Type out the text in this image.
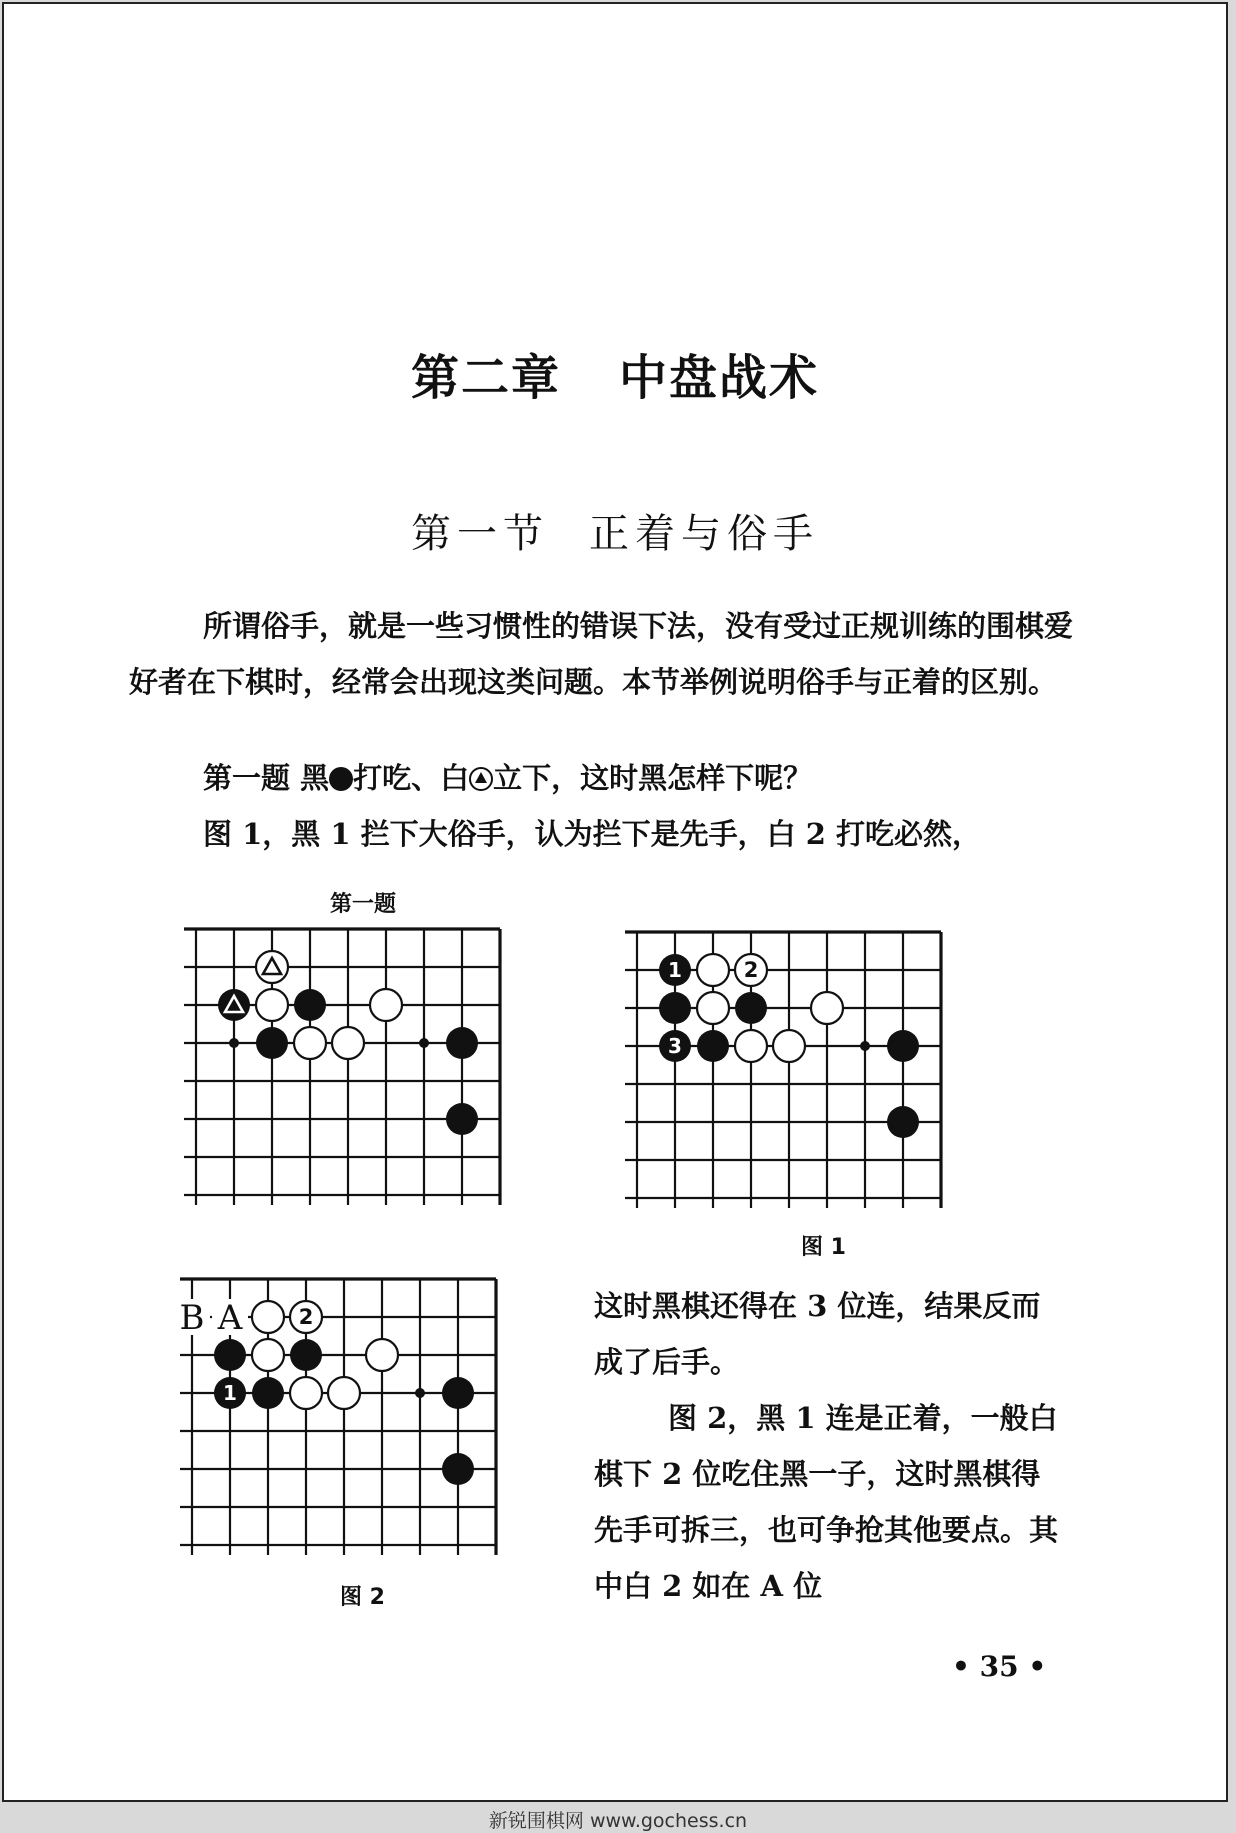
第二章 中盘战术
第一节 正着与俗手

所谓俗手，就是一些习惯性的错误下法，没有受过正规训练的围棋爱好者在下棋时，经常会出现这类问题。本节举例说明俗手与正着的区别。

第一题 黑 打吃、白 立下，这时黑怎样下呢？

图 1，黑 1 拦下大俗手，认为拦下是先手，白 2 打吃必然，

第一题
1	2
3
图 1
1
2
B A
图 2

这时黑棋还得在 3 位连，结果反而成了后手。

图 2，黑 1 连是正着，一般白棋下 2 位吃住黑一子，这时黑棋得先手可拆三，也可争抢其他要点。其中白 2 如在 A 位

• 35 •
新锐围棋网 www.gochess.cn
